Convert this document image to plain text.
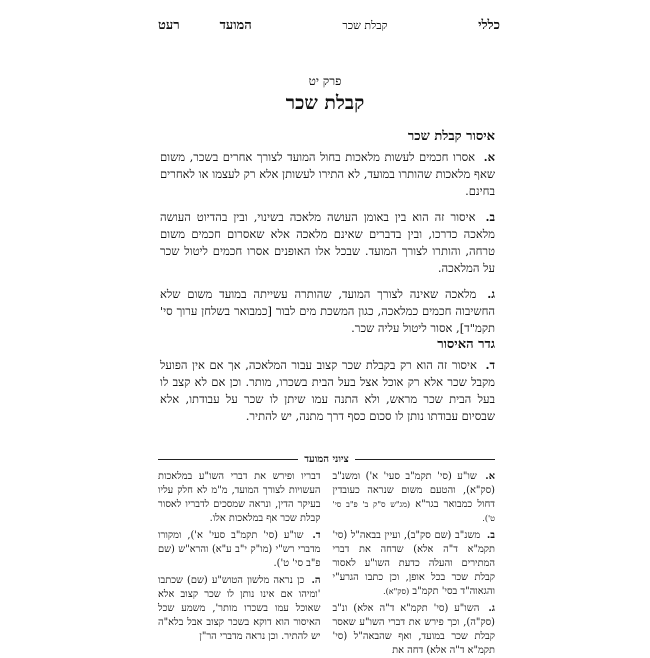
כללי
קבלת שכר
המועד
רעט
פרק יט
קבלת שכר
איסור קבלת שכר

א. אסרו חכמים לעשות מלאכות בחול המועד לצורך אחרים בשכר, משום שאף מלאכות שהותרו במועד, לא התירו לעשותן אלא רק לעצמו או לאחרים בחינם.

ב. איסור זה הוא בין באומן העושה מלאכה בשינוי, ובין בהדיוט העושה מלאכה כדרכו, ובין בדברים שאינם מלאכה אלא שאסרום חכמים משום טרחה, והותרו לצורך המועד. שבכל אלו האופנים אסרו חכמים ליטול שכר על המלאכה.

ג. מלאכה שאינה לצורך המועד, שהותרה עשייתה במועד משום שלא החשיבוה חכמים כמלאכה, כגון המשכת מים לבור [כמבואר בשלחן ערוך סי' תקמ"ד], אסור ליטול עליה שכר.

גדר האיסור

ד. איסור זה הוא רק בקבלת שכר קצוב עבור המלאכה, אך אם אין הפועל מקבל שכר אלא רק אוכל אצל בעל הבית בשכרו, מותר. וכן אם לא קצב לו בעל הבית שכר מראש, ולא התנה עמו שיתן לו שכר על עבודתו, אלא שבסיום עבודתו נותן לו סכום כסף דרך מתנה, יש להתיר.

ציוני המועד

א. שו"ע (סי' תקמ"ב סעי' א') ומשנ"ב (סק"א), והטעם משום שנראה כעובדין דחול כמבואר בגר"א (מג"ש ס"ק ב' פ"ב סי' ט').

ב. משנ"ב (שם סק"ב), ועיין בבאה"ל (סי' תקמ"א ד"ה אלא) שדחה את דברי המתירים והעלה כדעת השו"ע לאסור קבלת שכר בכל אופן, וכן כתבו הגרע"י והגאוה"ד בסי' תקמ"ב (סק"א).

ג. השו"ע (סי' תקמ"א ד"ה אלא) ונ"ב (סק"ה), וכך פירש את דברי השו"ע שאסר קבלת שכר במועד, ואף שהבאה"ל (סי' תקמ"א ד"ה אלא) דחה את

דבריו ופירש את דברי השו"ע במלאכות העשויות לצורך המועד, מ"מ לא חלק עליו בעיקר הדין, ונראה שמסכים לדבריו לאסור קבלת שכר אף במלאכות אלו.

ד. שו"ע (סי' תקמ"ב סעי' א'), ומקורו מדברי רש"י (מו"ק י"ב ע"א) והרא"ש (שם פ"ב סי' ט').

ה. כן נראה מלשון הטוש"ע (שם) שכתבו 'ומיהו אם אינו נותן לו שכר קצוב אלא שאוכל עמו בשכרו מותר', משמע שכל האיסור הוא דוקא בשכר קצוב אבל בלא"ה יש להתיר. וכן נראה מדברי הר"ן
